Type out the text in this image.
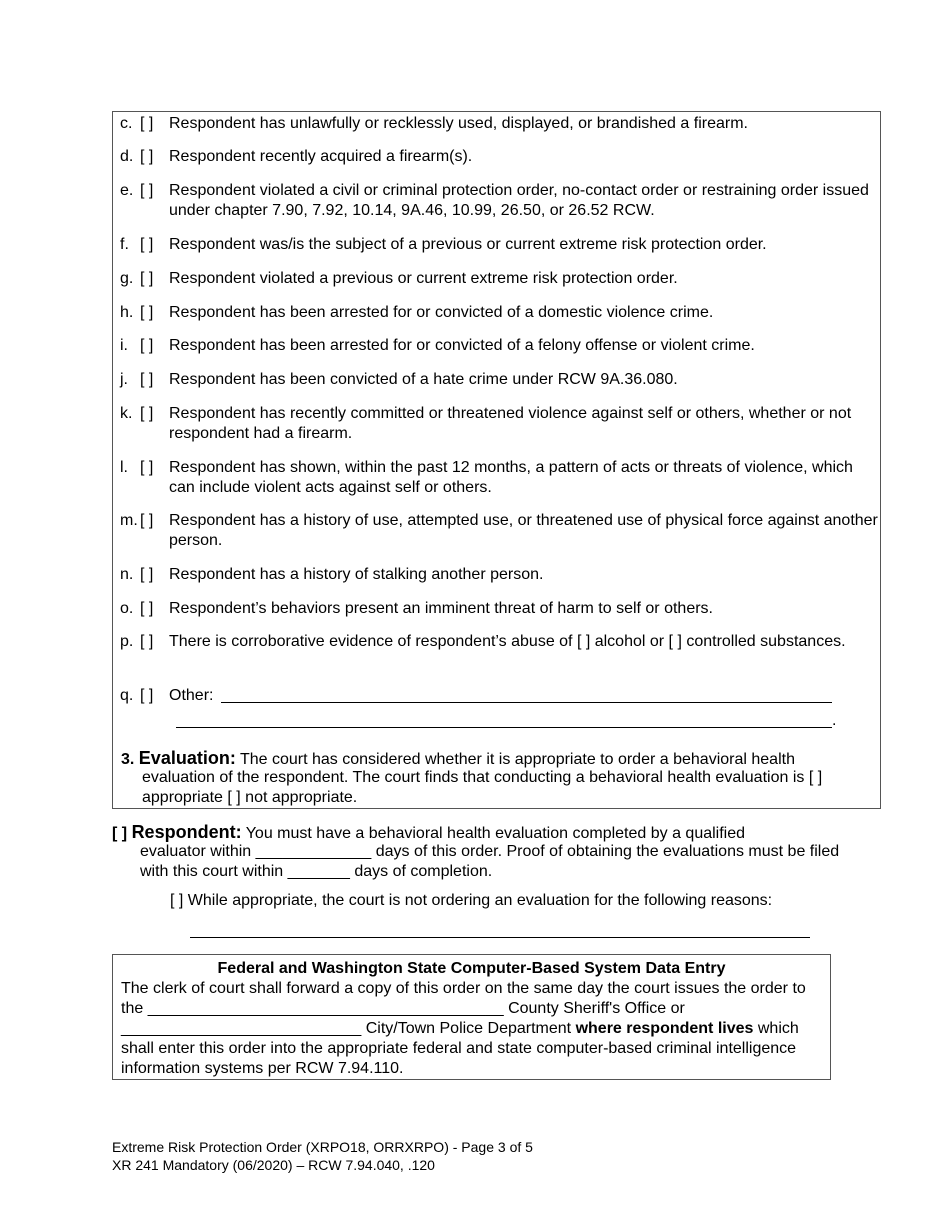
c. [ ] Respondent has unlawfully or recklessly used, displayed, or brandished a firearm.
d. [ ] Respondent recently acquired a firearm(s).
e. [ ] Respondent violated a civil or criminal protection order, no-contact order or restraining order issued under chapter 7.90, 7.92, 10.14, 9A.46, 10.99, 26.50, or 26.52 RCW.
f. [ ] Respondent was/is the subject of a previous or current extreme risk protection order.
g. [ ] Respondent violated a previous or current extreme risk protection order.
h. [ ] Respondent has been arrested for or convicted of a domestic violence crime.
i. [ ] Respondent has been arrested for or convicted of a felony offense or violent crime.
j. [ ] Respondent has been convicted of a hate crime under RCW 9A.36.080.
k. [ ] Respondent has recently committed or threatened violence against self or others, whether or not respondent had a firearm.
l. [ ] Respondent has shown, within the past 12 months, a pattern of acts or threats of violence, which can include violent acts against self or others.
m. [ ] Respondent has a history of use, attempted use, or threatened use of physical force against another person.
n. [ ] Respondent has a history of stalking another person.
o. [ ] Respondent’s behaviors present an imminent threat of harm to self or others.
p. [ ] There is corroborative evidence of respondent’s abuse of [ ] alcohol or [ ] controlled substances.
q. [ ] Other:
.
3. Evaluation: The court has considered whether it is appropriate to order a behavioral health
evaluation of the respondent. The court finds that conducting a behavioral health evaluation is [ ] appropriate [ ] not appropriate.
[ ] Respondent: You must have a behavioral health evaluation completed by a qualified
evaluator within _____________ days of this order. Proof of obtaining the evaluations must be filed with this court within _______ days of completion.
[ ] While appropriate, the court is not ordering an evaluation for the following reasons:
Federal and Washington State Computer-Based System Data Entry
The clerk of court shall forward a copy of this order on the same day the court issues the order to the ________________________________________ County Sheriff's Office or ___________________________ City/Town Police Department where respondent lives which shall enter this order into the appropriate federal and state computer-based criminal intelligence information systems per RCW 7.94.110.
Extreme Risk Protection Order (XRPO18, ORRXRPO) - Page 3 of 5
XR 241 Mandatory (06/2020) – RCW 7.94.040, .120
